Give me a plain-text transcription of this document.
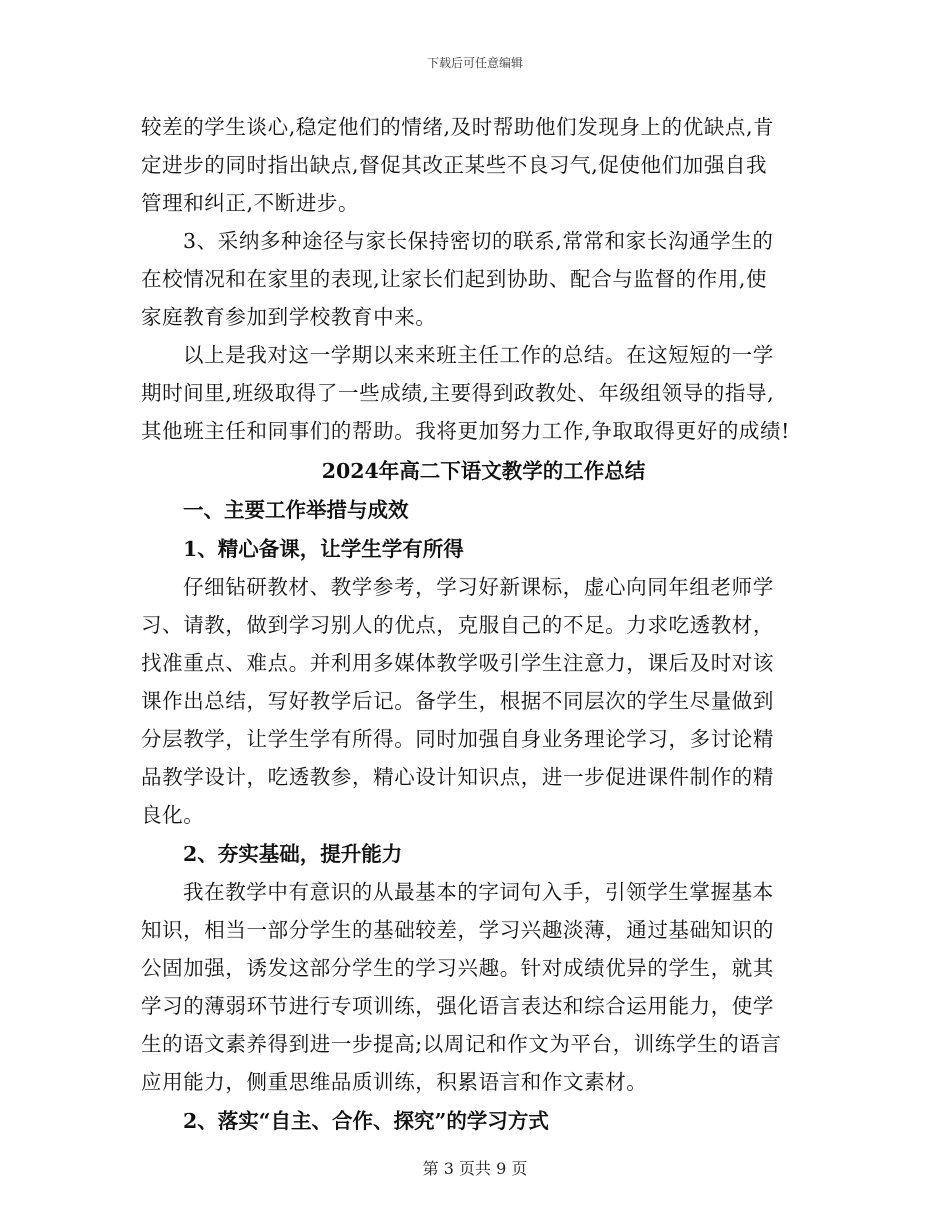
下载后可任意编辑
较差的学生谈心,稳定他们的情绪,及时帮助他们发现身上的优缺点,肯
定进步的同时指出缺点,督促其改正某些不良习气,促使他们加强自我
管理和纠正,不断进步。
3、采纳多种途径与家长保持密切的联系,常常和家长沟通学生的
在校情况和在家里的表现,让家长们起到协助、配合与监督的作用,使
家庭教育参加到学校教育中来。
以上是我对这一学期以来来班主任工作的总结。在这短短的一学
期时间里,班级取得了一些成绩,主要得到政教处、年级组领导的指导,
其他班主任和同事们的帮助。我将更加努力工作,争取取得更好的成绩!
2024年高二下语文教学的工作总结
一、主要工作举措与成效
1、精心备课，让学生学有所得
仔细钻研教材、教学参考，学习好新课标，虚心向同年组老师学
习、请教，做到学习别人的优点，克服自己的不足。力求吃透教材，
找准重点、难点。并利用多媒体教学吸引学生注意力，课后及时对该
课作出总结，写好教学后记。备学生，根据不同层次的学生尽量做到
分层教学，让学生学有所得。同时加强自身业务理论学习，多讨论精
品教学设计，吃透教参，精心设计知识点，进一步促进课件制作的精
良化。
2、夯实基础，提升能力
我在教学中有意识的从最基本的字词句入手，引领学生掌握基本
知识，相当一部分学生的基础较差，学习兴趣淡薄，通过基础知识的
公固加强，诱发这部分学生的学习兴趣。针对成绩优异的学生，就其
学习的薄弱环节进行专项训练，强化语言表达和综合运用能力，使学
生的语文素养得到进一步提高;以周记和作文为平台，训练学生的语言
应用能力，侧重思维品质训练，积累语言和作文素材。
2、落实“自主、合作、探究”的学习方式
第 3 页共 9 页
